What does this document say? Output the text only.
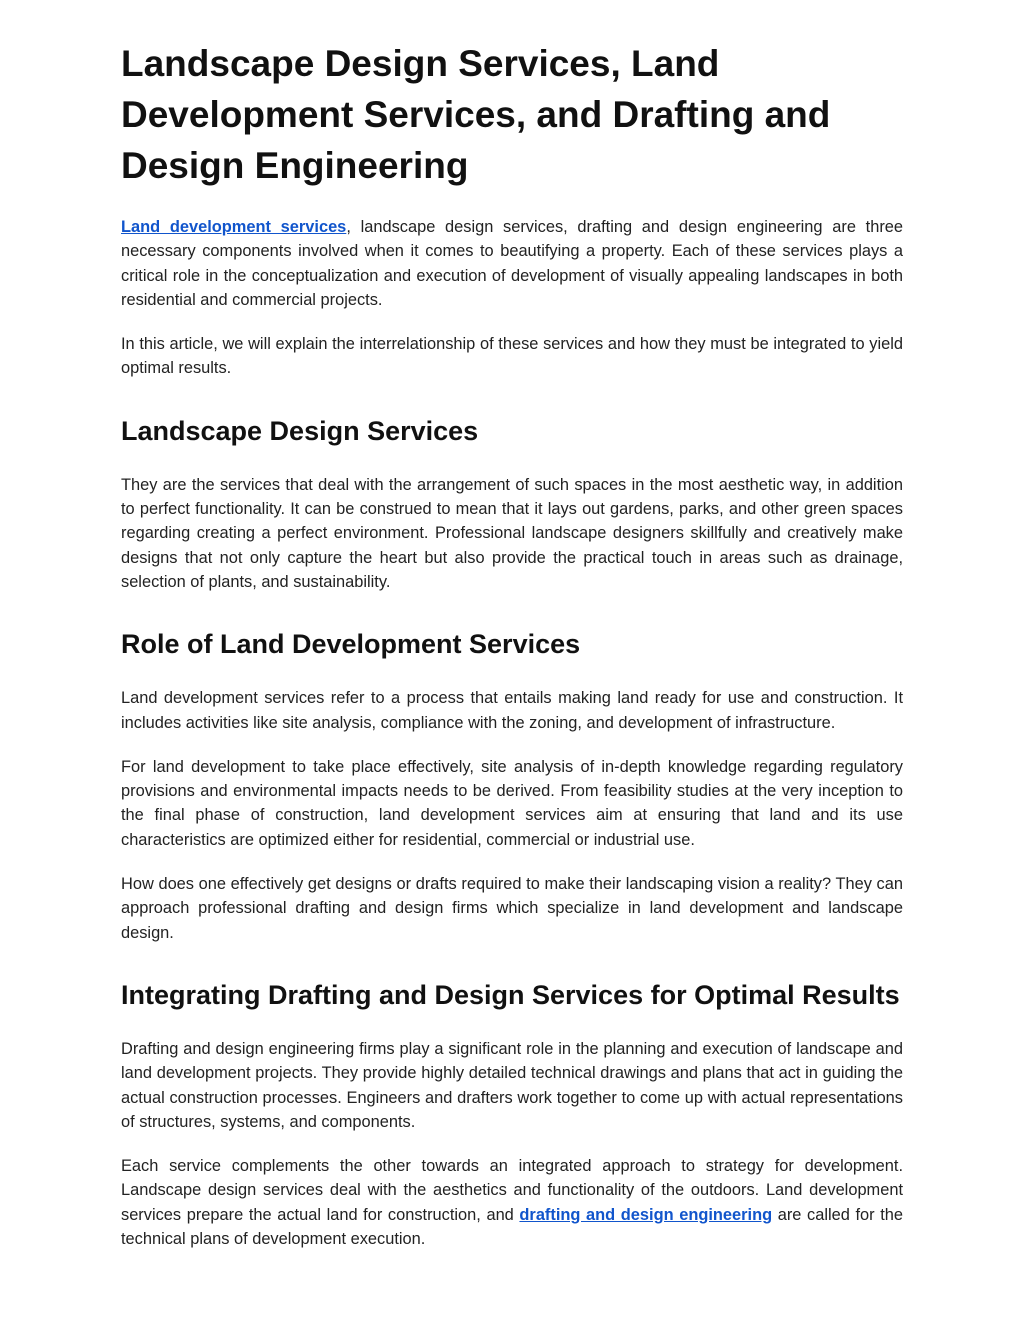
Landscape Design Services, Land Development Services, and Drafting and Design Engineering

Land development services, landscape design services, drafting and design engineering are three necessary components involved when it comes to beautifying a property. Each of these services plays a critical role in the conceptualization and execution of development of visually appealing landscapes in both residential and commercial projects.

In this article, we will explain the interrelationship of these services and how they must be integrated to yield optimal results.

Landscape Design Services

They are the services that deal with the arrangement of such spaces in the most aesthetic way, in addition to perfect functionality. It can be construed to mean that it lays out gardens, parks, and other green spaces regarding creating a perfect environment. Professional landscape designers skillfully and creatively make designs that not only capture the heart but also provide the practical touch in areas such as drainage, selection of plants, and sustainability.

Role of Land Development Services

Land development services refer to a process that entails making land ready for use and construction. It includes activities like site analysis, compliance with the zoning, and development of infrastructure.

For land development to take place effectively, site analysis of in-depth knowledge regarding regulatory provisions and environmental impacts needs to be derived. From feasibility studies at the very inception to the final phase of construction, land development services aim at ensuring that land and its use characteristics are optimized either for residential, commercial or industrial use.

How does one effectively get designs or drafts required to make their landscaping vision a reality? They can approach professional drafting and design firms which specialize in land development and landscape design.

Integrating Drafting and Design Services for Optimal Results

Drafting and design engineering firms play a significant role in the planning and execution of landscape and land development projects. They provide highly detailed technical drawings and plans that act in guiding the actual construction processes. Engineers and drafters work together to come up with actual representations of structures, systems, and components.

Each service complements the other towards an integrated approach to strategy for development. Landscape design services deal with the aesthetics and functionality of the outdoors. Land development services prepare the actual land for construction, and drafting and design engineering are called for the technical plans of development execution.
